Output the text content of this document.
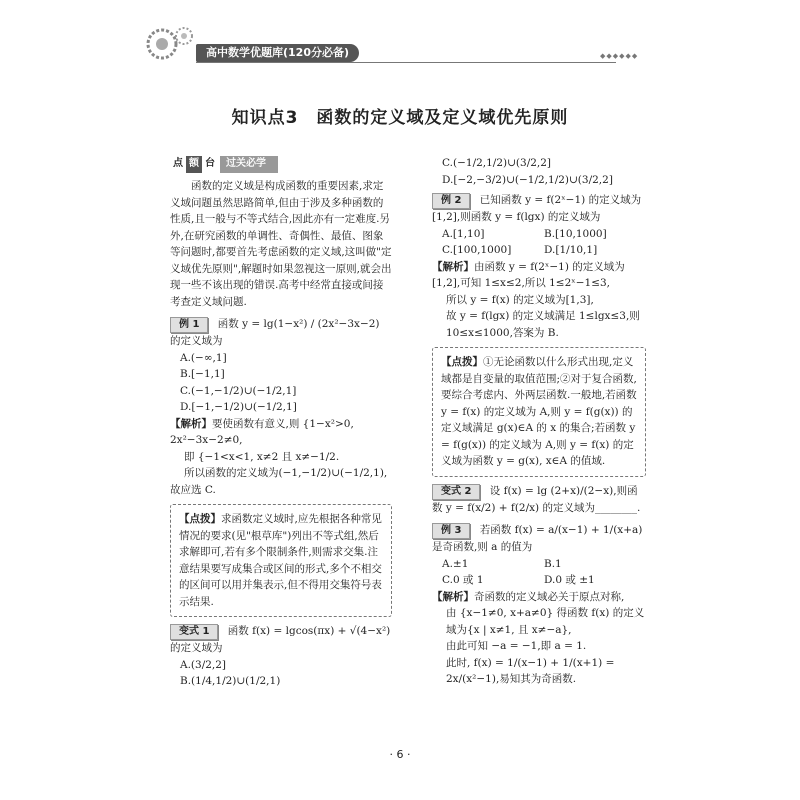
高中数学优题库(120分必备)	◆◆◆◆◆◆
知识点3　函数的定义域及定义域优先原则
点 额 台	过关必学

函数的定义域是构成函数的重要因素,求定义域问题虽然思路简单,但由于涉及多种函数的性质,且一般与不等式结合,因此亦有一定难度.另外,在研究函数的单调性、奇偶性、最值、图象等问题时,都要首先考虑函数的定义域,这叫做"定义域优先原则",解题时如果忽视这一原则,就会出现一些不该出现的错误.高考中经常直接或间接考查定义域问题.

例 1 函数 y = lg(1−x²) / (2x²−3x−2) 的定义域为

A.(−∞,1]

B.[−1,1]

C.(−1,−1/2)∪(−1/2,1]

D.[−1,−1/2)∪(−1/2,1]

【解析】要使函数有意义,则 {1−x²>0, 2x²−3x−2≠0,
即 {−1<x<1, x≠2 且 x≠−1/2.
所以函数的定义域为(−1,−1/2)∪(−1/2,1),
故应选 C.
【点拨】求函数定义域时,应先根据各种常见情况的要求(见"根草库")列出不等式组,然后求解即可,若有多个限制条件,则需求交集.注意结果要写成集合或区间的形式,多个不相交的区间可以用并集表示,但不得用交集符号表示结果.
变式 1 函数 f(x) = lgcos(πx) + √(4−x²) 的定义域为

A.(3/2,2]

B.(1/4,1/2)∪(1/2,1)

C.(−1/2,1/2)∪(3/2,2]

D.[−2,−3/2)∪(−1/2,1/2)∪(3/2,2]

例 2 已知函数 y = f(2ˣ−1) 的定义域为[1,2],则函数 y = f(lgx) 的定义域为
A.[1,10]	B.[10,1000]
C.[100,1000]	D.[1/10,1]
【解析】由函数 y = f(2ˣ−1) 的定义域为[1,2],可知 1≤x≤2,所以 1≤2ˣ−1≤3,
所以 y = f(x) 的定义域为[1,3],
故 y = f(lgx) 的定义域满足 1≤lgx≤3,则 10≤x≤1000,答案为 B.
【点拨】①无论函数以什么形式出现,定义域都是自变量的取值范围;②对于复合函数,要综合考虑内、外两层函数.一般地,若函数 y = f(x) 的定义域为 A,则 y = f(g(x)) 的定义域满足 g(x)∈A 的 x 的集合;若函数 y = f(g(x)) 的定义域为 A,则 y = f(x) 的定义域为函数 y = g(x), x∈A 的值域.
变式 2 设 f(x) = lg (2+x)/(2−x),则函数 y = f(x/2) + f(2/x) 的定义域为________.
例 3 若函数 f(x) = a/(x−1) + 1/(x+a) 是奇函数,则 a 的值为
A.±1	B.1
C.0 或 1	D.0 或 ±1
【解析】奇函数的定义域必关于原点对称,
由 {x−1≠0, x+a≠0} 得函数 f(x) 的定义域为{x | x≠1, 且 x≠−a},
由此可知 −a = −1,即 a = 1.
此时, f(x) = 1/(x−1) + 1/(x+1) = 2x/(x²−1),易知其为奇函数.
· 6 ·
